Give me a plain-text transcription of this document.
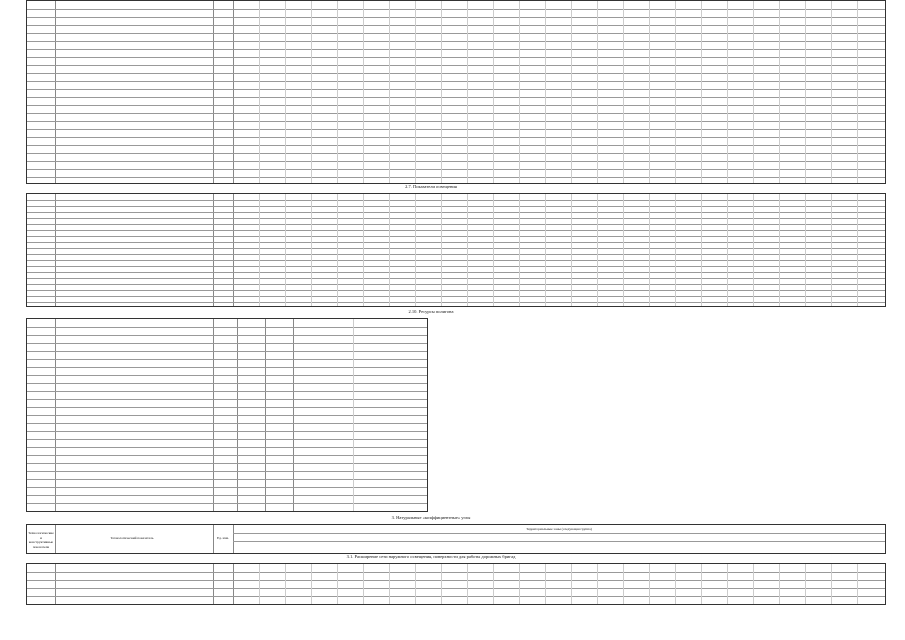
2.7. Показатели освещения
2.10. Ресурсы полигона
3. Натуральные «коэффициентные» углы
Технологические и конструктивные показатели
Технологический показатель	Ед. изм.
Территориальные зоны (следующая группа)
3.1. Расширение сети наружного освещения, поверхности для работы дорожных бригад
